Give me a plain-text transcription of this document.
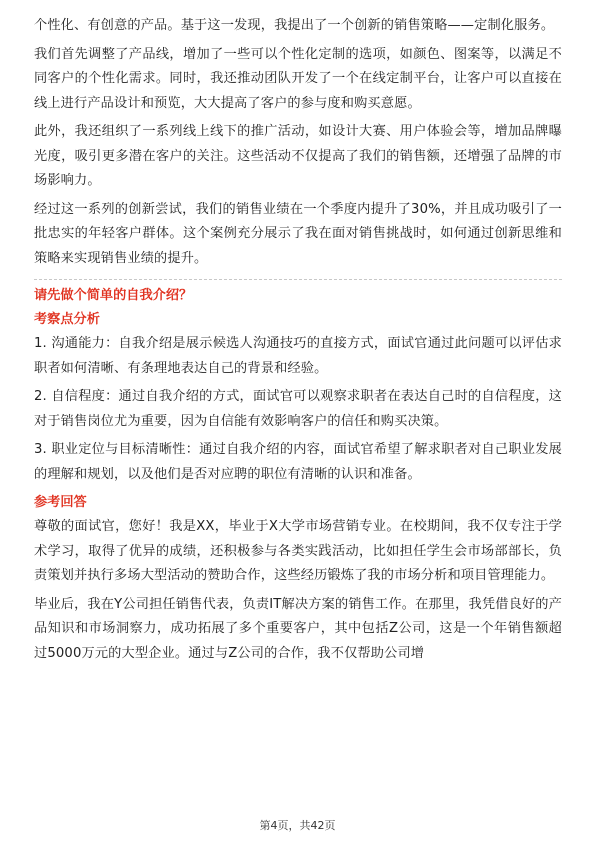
个性化、有创意的产品。基于这一发现，我提出了一个创新的销售策略——定制化服务。

我们首先调整了产品线，增加了一些可以个性化定制的选项，如颜色、图案等，以满足不同客户的个性化需求。同时，我还推动团队开发了一个在线定制平台，让客户可以直接在线上进行产品设计和预览，大大提高了客户的参与度和购买意愿。

此外，我还组织了一系列线上线下的推广活动，如设计大赛、用户体验会等，增加品牌曝光度，吸引更多潜在客户的关注。这些活动不仅提高了我们的销售额，还增强了品牌的市场影响力。

经过这一系列的创新尝试，我们的销售业绩在一个季度内提升了30%，并且成功吸引了一批忠实的年轻客户群体。这个案例充分展示了我在面对销售挑战时，如何通过创新思维和策略来实现销售业绩的提升。

请先做个简单的自我介绍？

考察点分析

1. 沟通能力：自我介绍是展示候选人沟通技巧的直接方式，面试官通过此问题可以评估求职者如何清晰、有条理地表达自己的背景和经验。

2. 自信程度：通过自我介绍的方式，面试官可以观察求职者在表达自己时的自信程度，这对于销售岗位尤为重要，因为自信能有效影响客户的信任和购买决策。

3. 职业定位与目标清晰性：通过自我介绍的内容，面试官希望了解求职者对自己职业发展的理解和规划，以及他们是否对应聘的职位有清晰的认识和准备。

参考回答

尊敬的面试官，您好！我是XX，毕业于X大学市场营销专业。在校期间，我不仅专注于学术学习，取得了优异的成绩，还积极参与各类实践活动，比如担任学生会市场部部长，负责策划并执行多场大型活动的赞助合作，这些经历锻炼了我的市场分析和项目管理能力。

毕业后，我在Y公司担任销售代表，负责IT解决方案的销售工作。在那里，我凭借良好的产品知识和市场洞察力，成功拓展了多个重要客户，其中包括Z公司，这是一个年销售额超过5000万元的大型企业。通过与Z公司的合作，我不仅帮助公司增

第4页，共42页
